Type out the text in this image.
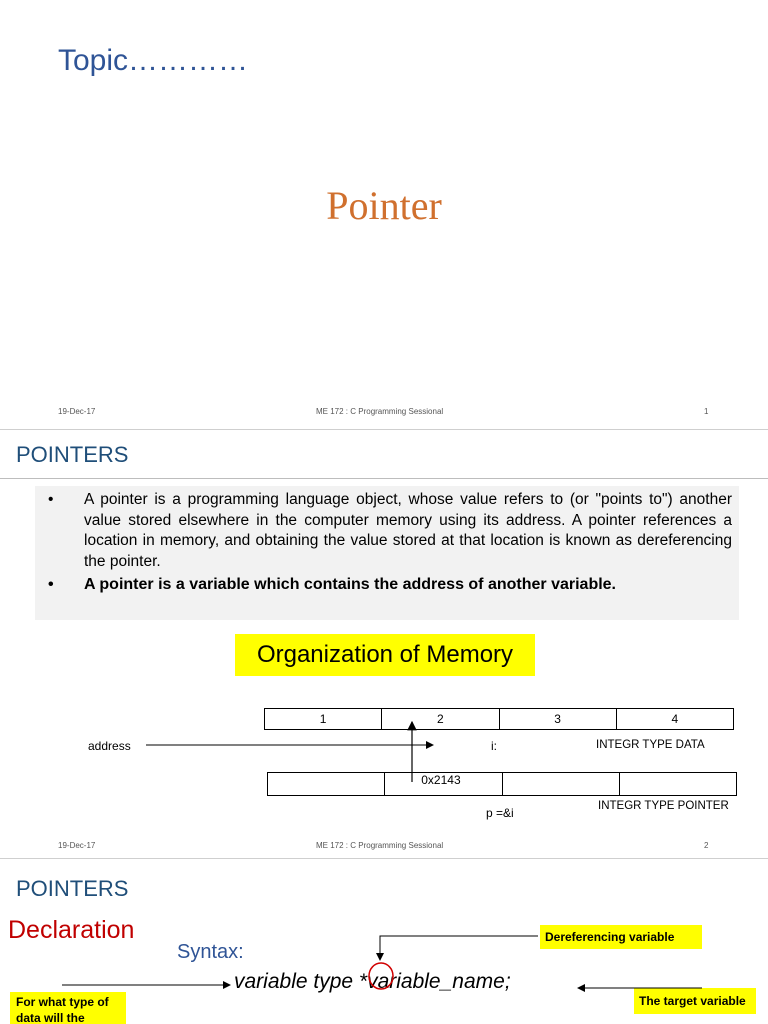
Topic…………
Pointer
19-Dec-17	ME 172 : C Programming Sessional	1
POINTERS
•	A pointer is a programming language object, whose value refers to (or "points to") another value stored elsewhere in the computer memory using its address. A pointer references a location in memory, and obtaining the value stored at that location is known as dereferencing the pointer.
•	A pointer is a variable which contains the address of another variable.
Organization of Memory
1	2	3	4
address	i:	INTEGR TYPE DATA
	0x2143		
p =&i	INTEGR TYPE POINTER
19-Dec-17	ME 172 : C Programming Sessional	2
POINTERS
Declaration
Syntax:
variable type *variable_name;
Dereferencing variable
The target variable
For what type of
data will the
